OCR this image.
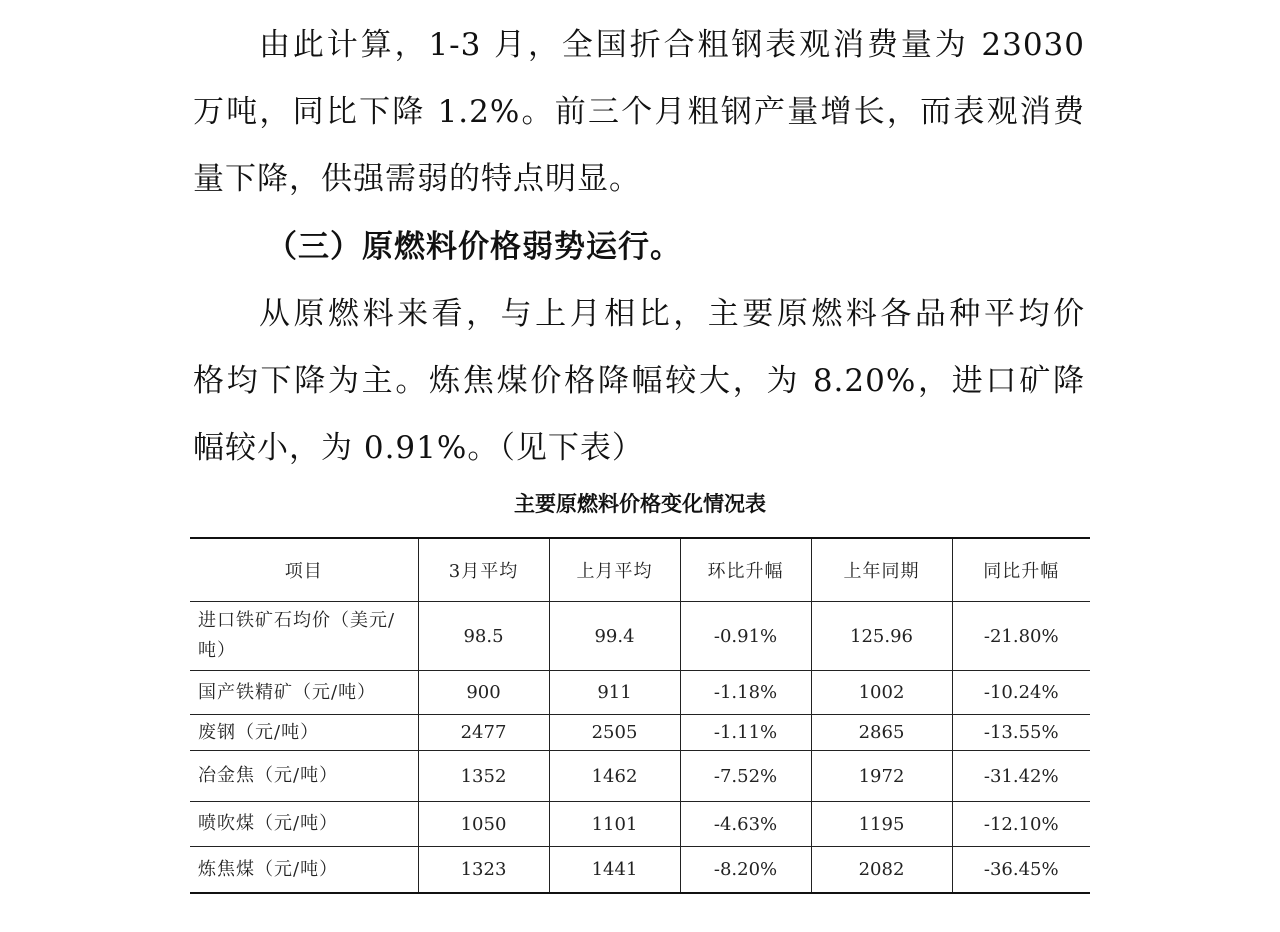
由此计算，1-3 月，全国折合粗钢表观消费量为 23030
万吨，同比下降 1.2%。前三个月粗钢产量增长，而表观消费
量下降，供强需弱的特点明显。

（三）原燃料价格弱势运行。

从原燃料来看，与上月相比，主要原燃料各品种平均价
格均下降为主。炼焦煤价格降幅较大，为 8.20%，进口矿降
幅较小，为 0.91%。（见下表）

主要原燃料价格变化情况表

项目	3月平均	上月平均	环比升幅	上年同期	同比升幅
进口铁矿石均价（美元/吨）	98.5	99.4	-0.91%	125.96	-21.80%
国产铁精矿（元/吨）	900	911	-1.18%	1002	-10.24%
废钢（元/吨）	2477	2505	-1.11%	2865	-13.55%
冶金焦（元/吨）	1352	1462	-7.52%	1972	-31.42%
喷吹煤（元/吨）	1050	1101	-4.63%	1195	-12.10%
炼焦煤（元/吨）	1323	1441	-8.20%	2082	-36.45%
